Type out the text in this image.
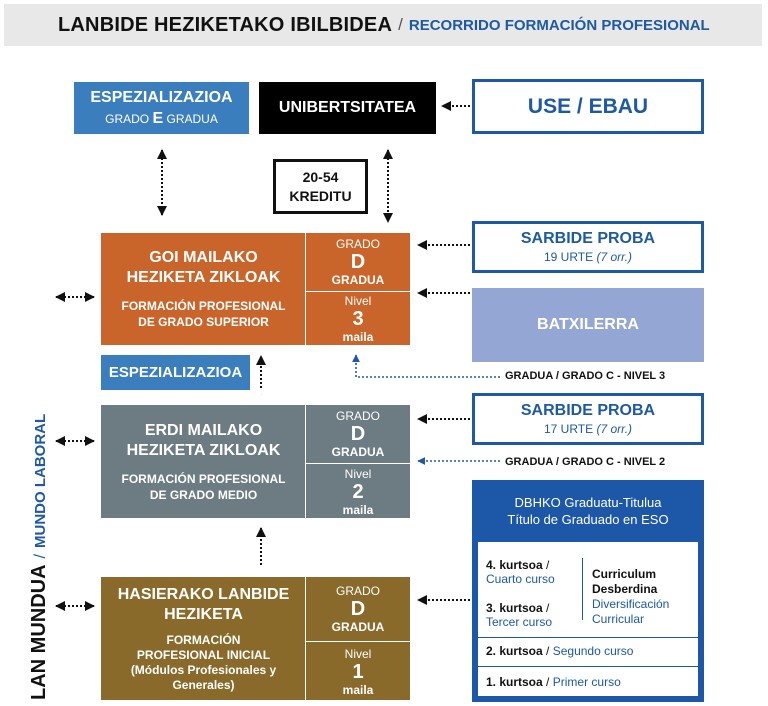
LANBIDE HEZIKETAKO IBILBIDEA / RECORRIDO FORMACIÓN PROFESIONAL
ESPEZIALIZAZIOA
GRADO E GRADUA
UNIBERTSITATEA	USE / EBAU
20-54
KREDITU
GOI MAILAKO
HEZIKETA ZIKLOAK
FORMACIÓN PROFESIONAL
DE GRADO SUPERIOR
GRADO
D
GRADUA
Nivel
3
maila
ESPEZIALIZAZIOA
ERDI MAILAKO
HEZIKETA ZIKLOAK
FORMACIÓN PROFESIONAL
DE GRADO MEDIO
GRADO
D
GRADUA
Nivel
2
maila
HASIERAKO LANBIDE
HEZIKETA
FORMACIÓN
PROFESIONAL INICIAL
(Módulos Profesionales y
Generales)
GRADO
D
GRADUA
Nivel
1
maila
SARBIDE PROBA
19 URTE (7 orr.)
BATXILERRA
GRADUA / GRADO C - NIVEL 3
SARBIDE PROBA
17 URTE (7 orr.)
GRADUA / GRADO C - NIVEL 2
DBHKO Graduatu-Titulua
Título de Graduado en ESO
4. kurtsoa /
Cuarto curso
3. kurtsoa /
Tercer curso
Curriculum
Desberdina
Diversificación
Curricular
2. kurtsoa / Segundo curso
1. kurtsoa / Primer curso
LAN MUNDUA/MUNDO LABORAL
